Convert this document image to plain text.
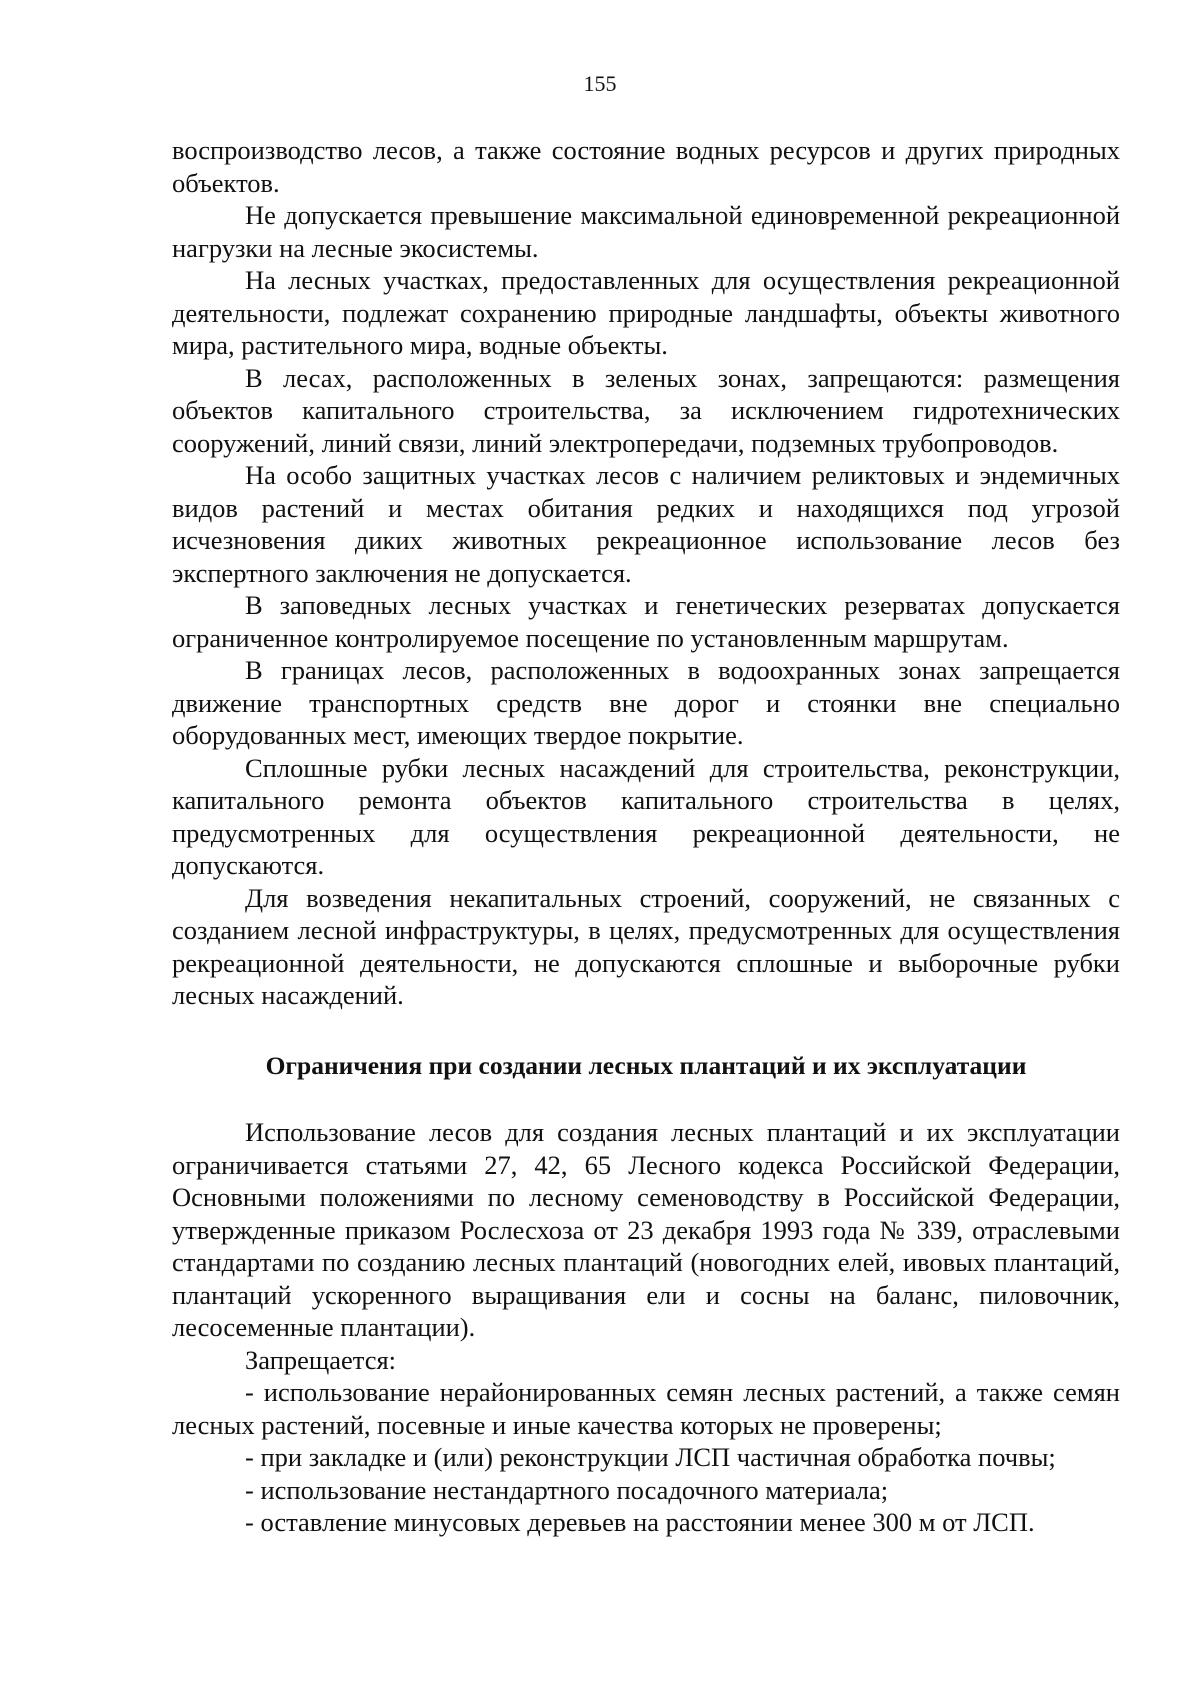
155

воспроизводство лесов, а также состояние водных ресурсов и других природных объектов.

Не допускается превышение максимальной единовременной рекреационной нагрузки на лесные экосистемы.

На лесных участках, предоставленных для осуществления рекреационной деятельности, подлежат сохранению природные ландшафты, объекты животного мира, растительного мира, водные объекты.

В лесах, расположенных в зеленых зонах, запрещаются: размещения объектов капитального строительства, за исключением гидротехнических сооружений, линий связи, линий электропередачи, подземных трубопроводов.

На особо защитных участках лесов с наличием реликтовых и эндемичных видов растений и местах обитания редких и находящихся под угрозой исчезновения диких животных рекреационное использование лесов без экспертного заключения не допускается.

В заповедных лесных участках и генетических резерватах допускается ограниченное контролируемое посещение по установленным маршрутам.

В границах лесов, расположенных в водоохранных зонах запрещается движение транспортных средств вне дорог и стоянки вне специально оборудованных мест, имеющих твердое покрытие.

Сплошные рубки лесных насаждений для строительства, реконструкции, капитального ремонта объектов капитального строительства в целях, предусмотренных для осуществления рекреационной деятельности, не допускаются.

Для возведения некапитальных строений, сооружений, не связанных с созданием лесной инфраструктуры, в целях, предусмотренных для осуществления рекреационной деятельности, не допускаются сплошные и выборочные рубки лесных насаждений.

Ограничения при создании лесных плантаций и их эксплуатации

Использование лесов для создания лесных плантаций и их эксплуатации ограничивается статьями 27, 42, 65 Лесного кодекса Российской Федерации, Основными положениями по лесному семеноводству в Российской Федерации, утвержденные приказом Рослесхоза от 23 декабря 1993 года № 339, отраслевыми стандартами по созданию лесных плантаций (новогодних елей, ивовых плантаций, плантаций ускоренного выращивания ели и сосны на баланс, пиловочник, лесосеменные плантации).

Запрещается:

- использование нерайонированных семян лесных растений, а также семян лесных растений, посевные и иные качества которых не проверены;

- при закладке и (или) реконструкции ЛСП частичная обработка почвы;

- использование нестандартного посадочного материала;

- оставление минусовых деревьев на расстоянии менее 300 м от ЛСП.
